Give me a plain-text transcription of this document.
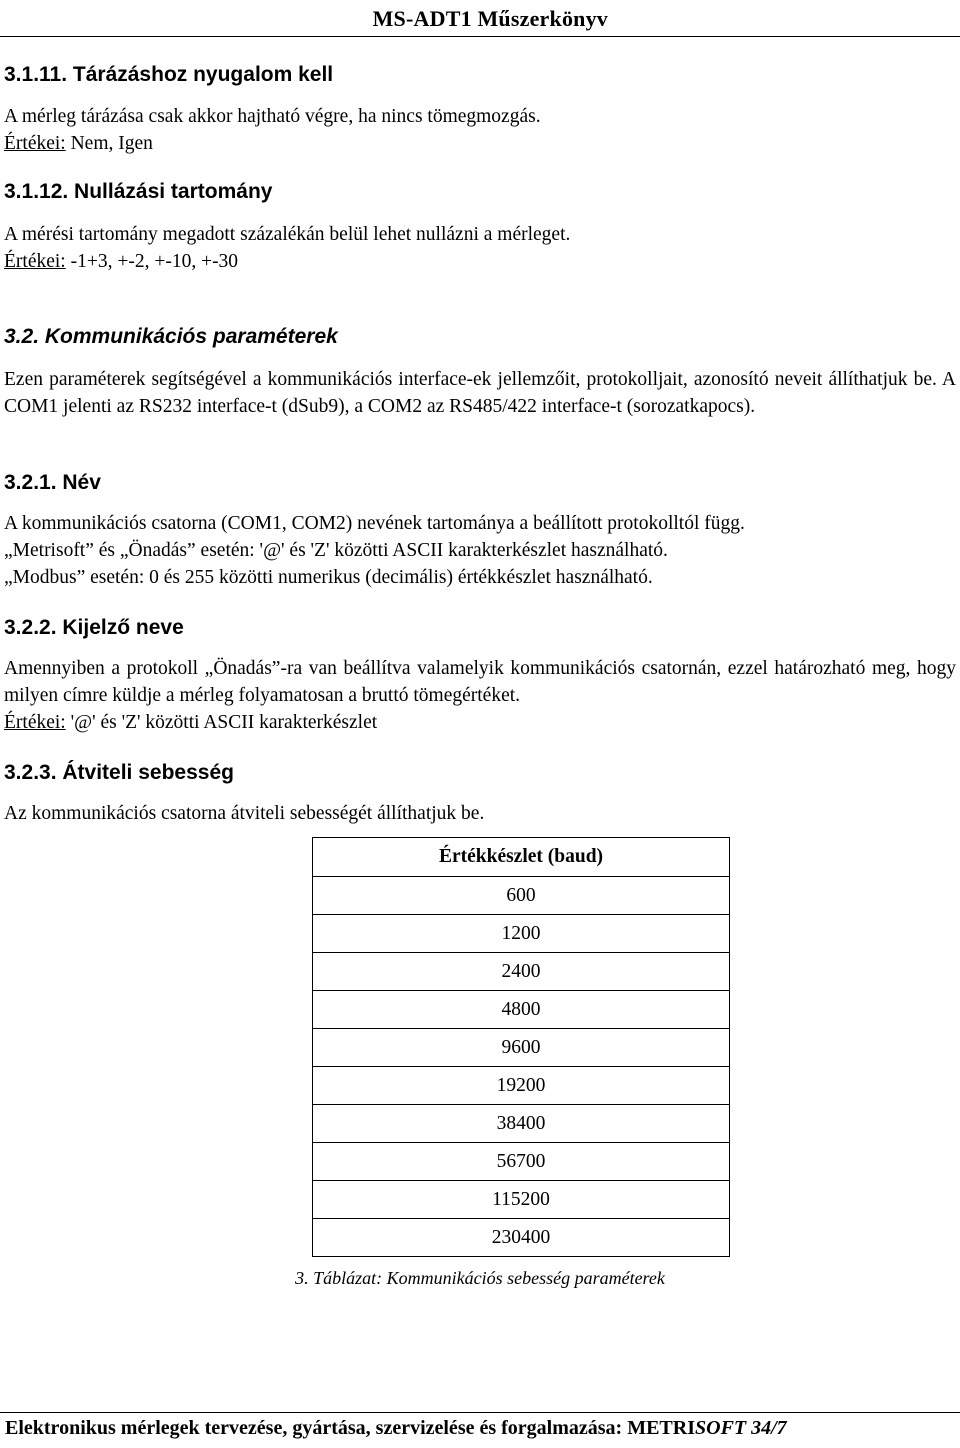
MS-ADT1 Műszerkönyv
3.1.11. Tárázáshoz nyugalom kell
A mérleg tárázása csak akkor hajtható végre, ha nincs tömegmozgás.
Értékei: Nem, Igen
3.1.12. Nullázási tartomány
A mérési tartomány megadott százalékán belül lehet nullázni a mérleget.
Értékei: -1+3, +-2, +-10, +-30
3.2. Kommunikációs paraméterek
Ezen paraméterek segítségével a kommunikációs interface-ek jellemzőit, protokolljait, azonosító neveit állíthatjuk be. A COM1 jelenti az RS232 interface-t (dSub9), a COM2 az RS485/422 interface-t (sorozatkapocs).
3.2.1. Név
A kommunikációs csatorna (COM1, COM2) nevének tartománya a beállított protokolltól függ.
„Metrisoft” és „Önadás” esetén: '@' és 'Z' közötti ASCII karakterkészlet használható.
„Modbus” esetén: 0 és 255 közötti numerikus (decimális) értékkészlet használható.
3.2.2. Kijelző neve
Amennyiben a protokoll „Önadás”-ra van beállítva valamelyik kommunikációs csatornán, ezzel határozható meg, hogy milyen címre küldje a mérleg folyamatosan a bruttó tömegértéket.
Értékei: '@' és 'Z' közötti ASCII karakterkészlet
3.2.3. Átviteli sebesség
Az kommunikációs csatorna átviteli sebességét állíthatjuk be.
Értékkészlet (baud)
600
1200
2400
4800
9600
19200
38400
56700
115200
230400
3. Táblázat: Kommunikációs sebesség paraméterek
Elektronikus mérlegek tervezése, gyártása, szervizelése és forgalmazása: METRISOFT 34/7
